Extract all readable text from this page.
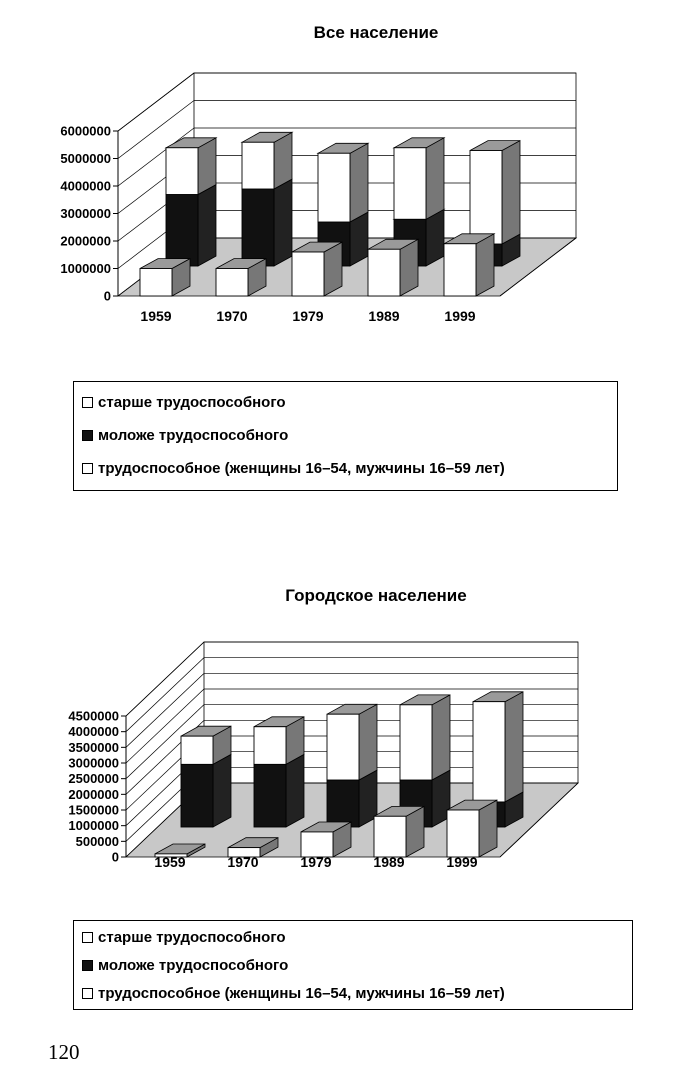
Все население
0
1000000
2000000
3000000
4000000
5000000
6000000
1959	1970	1979	1989	1999
старше трудоспособного
моложе трудоспособного
трудоспособное (женщины 16–54, мужчины 16–59 лет)
Городское население
0
500000
1000000
1500000
2000000
2500000
3000000
3500000
4000000
4500000
1959	1970	1979	1989	1999
старше трудоспособного
моложе трудоспособного
трудоспособное (женщины 16–54, мужчины 16–59 лет)
120
